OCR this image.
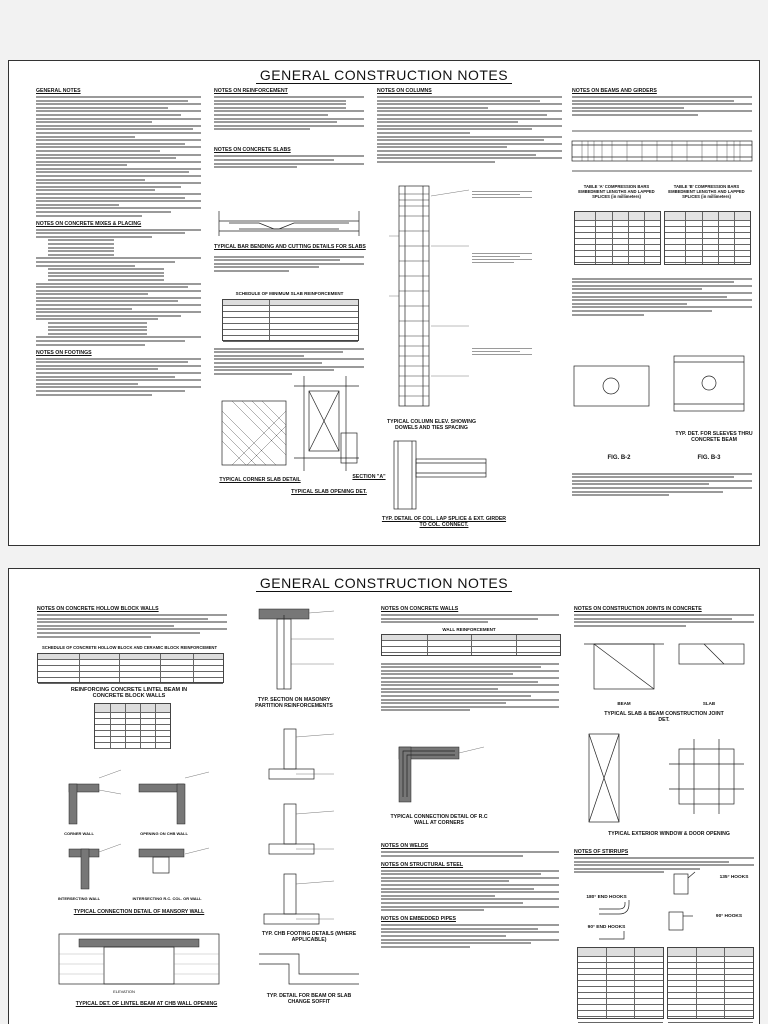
GENERAL CONSTRUCTION NOTES
GENERAL NOTES
NOTES ON CONCRETE MIXES & PLACING
NOTES ON FOOTINGS
NOTES ON REINFORCEMENT
NOTES ON CONCRETE SLABS
TYPICAL BAR BENDING AND CUTTING DETAILS FOR SLABS
SCHEDULE OF MINIMUM SLAB REINFORCEMENT
TYPICAL CORNER SLAB DETAIL
TYPICAL SLAB OPENING DET.
SECTION "A"
NOTES ON COLUMNS
TYPICAL COLUMN ELEV. SHOWING DOWELS AND TIES SPACING
TYP. DETAIL OF COL. LAP SPLICE & EXT. GIRDER TO COL. CONNECT.
NOTES ON BEAMS AND GIRDERS
TABLE 'A' COMPRESSION BARS EMBEDMENT LENGTHS AND LAPPED SPLICES (in millimeters)
TABLE 'B' COMPRESSION BARS EMBEDMENT LENGTHS AND LAPPED SPLICES (in millimeters)
TYP. DET. FOR SLEEVES THRU CONCRETE BEAM
FIG. B-2	FIG. B-3
GENERAL CONSTRUCTION NOTES
NOTES ON CONCRETE HOLLOW BLOCK WALLS
SCHEDULE OF CONCRETE HOLLOW BLOCK AND CERAMIC BLOCK REINFORCEMENT
REINFORCING CONCRETE LINTEL BEAM IN CONCRETE BLOCK WALLS
CORNER WALL	OPENING ON CHB WALL
INTERSECTING WALL	INTERSECTING R.C. COL. OR WALL
TYPICAL CONNECTION DETAIL OF MANSORY WALL
ELEVATION
TYPICAL DET. OF LINTEL BEAM AT CHB WALL OPENING
TYP. SECTION ON MASONRY PARTITION REINFORCEMENTS
TYP. CHB FOOTING DETAILS (WHERE APPLICABLE)
TYP. DETAIL FOR BEAM OR SLAB CHANGE SOFFIT
NOTES ON CONCRETE WALLS
WALL REINFORCEMENT
TYPICAL CONNECTION DETAIL OF R.C WALL AT CORNERS
NOTES ON WELDS
NOTES ON STRUCTURAL STEEL
NOTES ON EMBEDDED PIPES
NOTES ON CONSTRUCTION JOINTS IN CONCRETE
BEAM	SLAB
TYPICAL SLAB & BEAM CONSTRUCTION JOINT DET.
TYPICAL EXTERIOR WINDOW & DOOR OPENING
NOTES OF STIRRUPS
135° HOOKS
180° END HOOKS
90° HOOKS
90° END HOOKS
